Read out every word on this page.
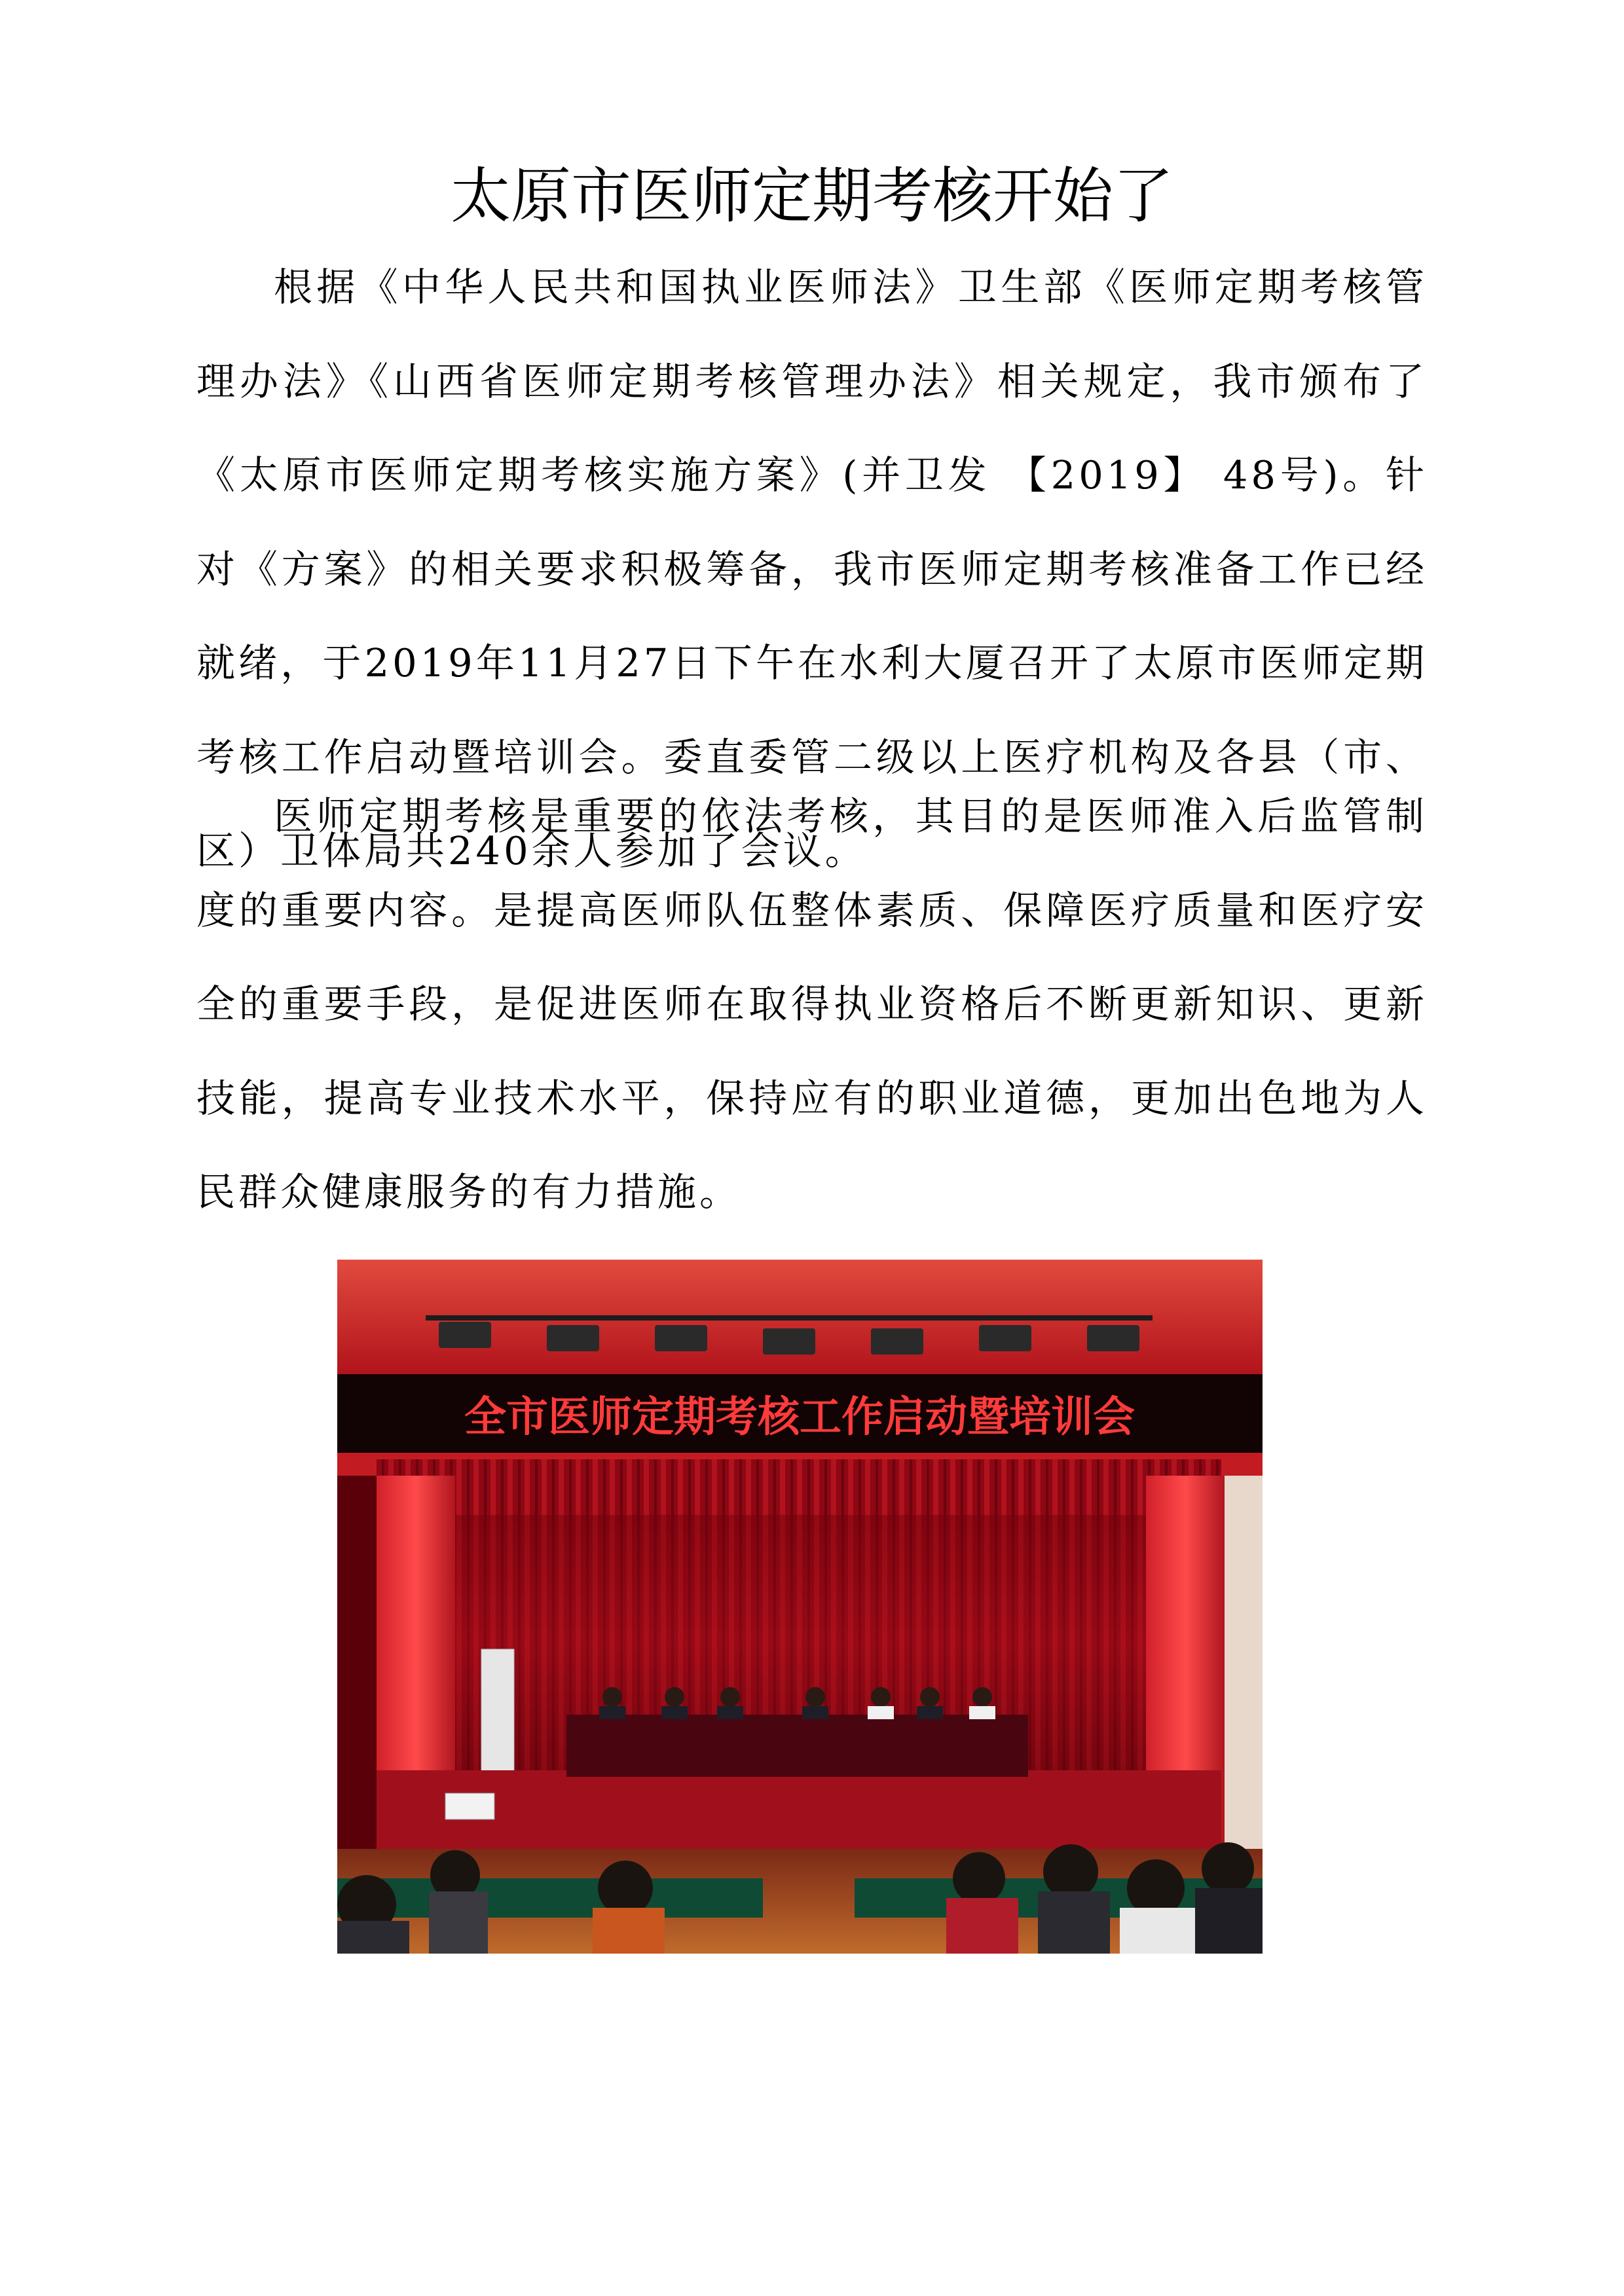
太原市医师定期考核开始了

根据《中华人民共和国执业医师法》卫生部《医师定期考核管理办法》《山西省医师定期考核管理办法》相关规定，我市颁布了《太原市医师定期考核实施方案》(并卫发 【2019】 48号)。针对《方案》的相关要求积极筹备，我市医师定期考核准备工作已经就绪，于2019年11月27日下午在水利大厦召开了太原市医师定期考核工作启动暨培训会。委直委管二级以上医疗机构及各县（市、区）卫体局共240余人参加了会议。

医师定期考核是重要的依法考核，其目的是医师准入后监管制度的重要内容。是提高医师队伍整体素质、保障医疗质量和医疗安全的重要手段，是促进医师在取得执业资格后不断更新知识、更新技能，提高专业技术水平，保持应有的职业道德，更加出色地为人民群众健康服务的有力措施。

全市医师定期考核工作启动暨培训会
